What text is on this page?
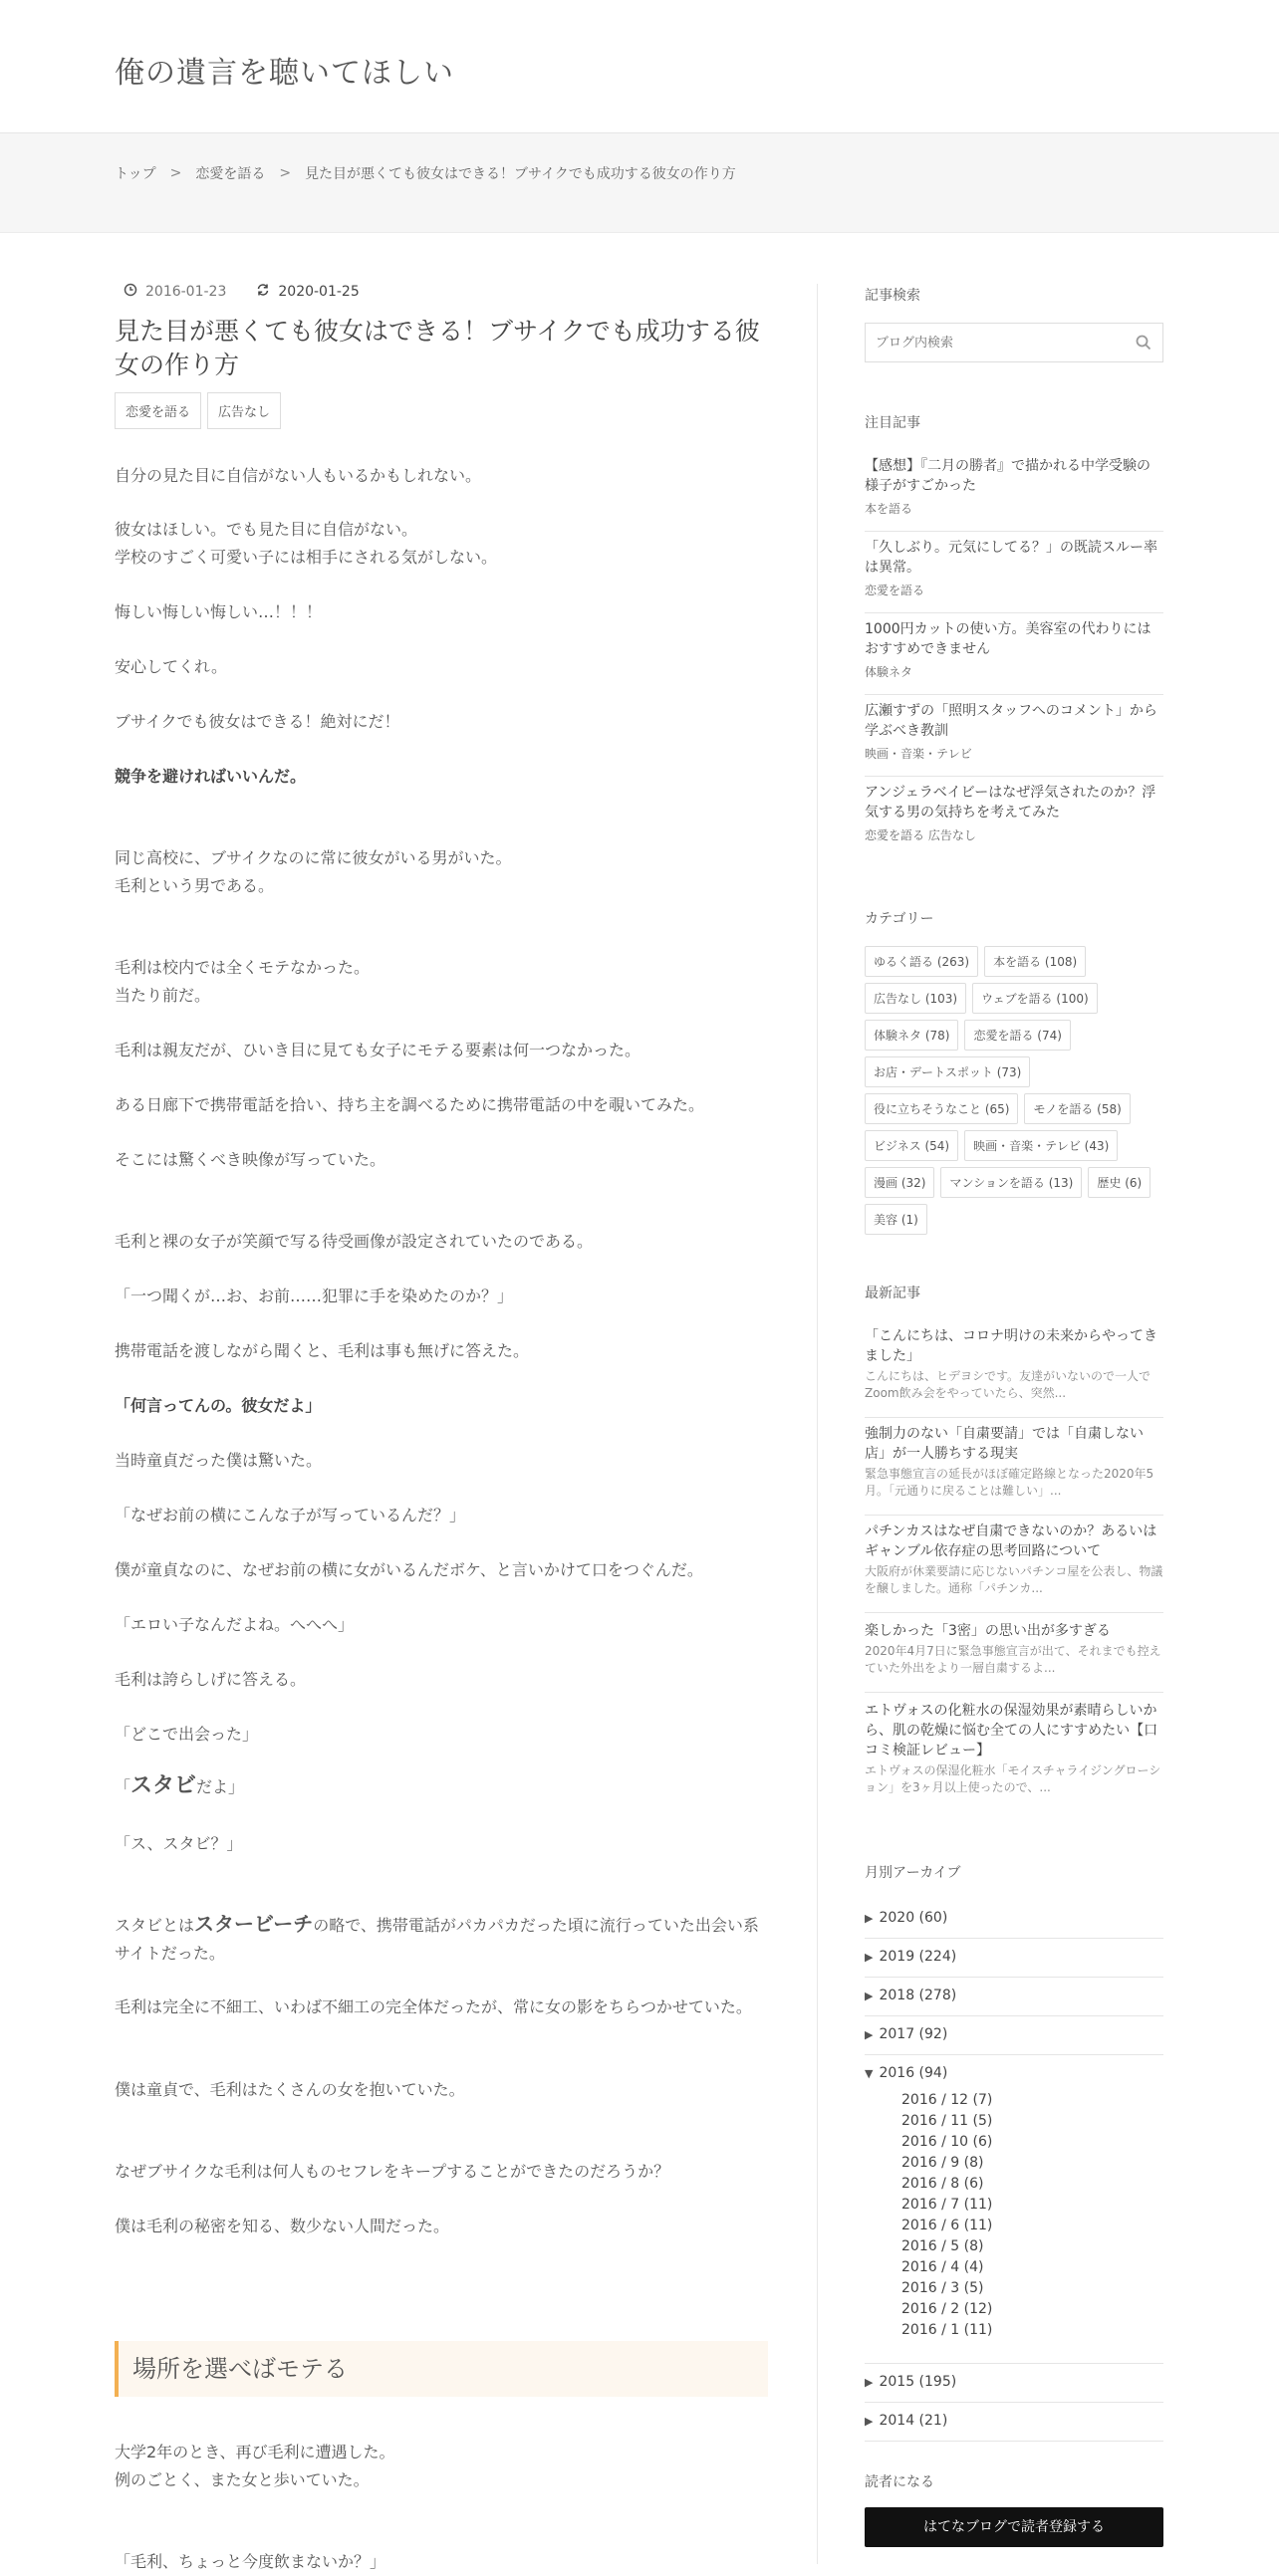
俺の遺言を聴いてほしい
トップ > 恋愛を語る > 見た目が悪くても彼女はできる！ブサイクでも成功する彼女の作り方
2016-01-23	2020-01-25
見た目が悪くても彼女はできる！ブサイクでも成功する彼女の作り方
恋愛を語る	広告なし
自分の見た目に自信がない人もいるかもしれない。
彼女はほしい。でも見た目に自信がない。
学校のすごく可愛い子には相手にされる気がしない。
悔しい悔しい悔しい…！！！
安心してくれ。
ブサイクでも彼女はできる！絶対にだ！
競争を避ければいいんだ。
同じ高校に、ブサイクなのに常に彼女がいる男がいた。
毛利という男である。
毛利は校内では全くモテなかった。
当たり前だ。
毛利は親友だが、ひいき目に見ても女子にモテる要素は何一つなかった。
ある日廊下で携帯電話を拾い、持ち主を調べるために携帯電話の中を覗いてみた。
そこには驚くべき映像が写っていた。
毛利と裸の女子が笑顔で写る待受画像が設定されていたのである。
「一つ聞くが…お、お前……犯罪に手を染めたのか？」
携帯電話を渡しながら聞くと、毛利は事も無げに答えた。
「何言ってんの。彼女だよ」
当時童貞だった僕は驚いた。
「なぜお前の横にこんな子が写っているんだ？」
僕が童貞なのに、なぜお前の横に女がいるんだボケ、と言いかけて口をつぐんだ。
「エロい子なんだよね。へへへ」
毛利は誇らしげに答える。
「どこで出会った」
「スタビだよ」
「ス、スタビ？」
スタビとはスタービーチの略で、携帯電話がパカパカだった頃に流行っていた出会い系サイトだった。
毛利は完全に不細工、いわば不細工の完全体だったが、常に女の影をちらつかせていた。
僕は童貞で、毛利はたくさんの女を抱いていた。
なぜブサイクな毛利は何人ものセフレをキープすることができたのだろうか？
僕は毛利の秘密を知る、数少ない人間だった。
場所を選べばモテる
大学2年のとき、再び毛利に遭遇した。
例のごとく、また女と歩いていた。
「毛利、ちょっと今度飲まないか？」
記事検索
ブログ内検索
注目記事
【感想】『二月の勝者』で描かれる中学受験の様子がすごかった
本を語る
「久しぶり。元気にしてる？」の既読スルー率は異常。
恋愛を語る
1000円カットの使い方。美容室の代わりにはおすすめできません
体験ネタ
広瀬すずの「照明スタッフへのコメント」から学ぶべき教訓
映画・音楽・テレビ
アンジェラベイビーはなぜ浮気されたのか？浮気する男の気持ちを考えてみた
恋愛を語る 広告なし
カテゴリー
ゆるく語る (263)	本を語る (108)
広告なし (103)	ウェブを語る (100)
体験ネタ (78)	恋愛を語る (74)
お店・デートスポット (73)
役に立ちそうなこと (65)	モノを語る (58)
ビジネス (54)	映画・音楽・テレビ (43)
漫画 (32)	マンションを語る (13)	歴史 (6)
美容 (1)
最新記事
「こんにちは、コロナ明けの未来からやってきました」
こんにちは、ヒデヨシです。友達がいないので一人でZoom飲み会をやっていたら、突然...
強制力のない「自粛要請」では「自粛しない店」が一人勝ちする現実
緊急事態宣言の延長がほぼ確定路線となった2020年5月。「元通りに戻ることは難しい」...
パチンカスはなぜ自粛できないのか？あるいはギャンブル依存症の思考回路について
大阪府が休業要請に応じないパチンコ屋を公表し、物議を醸しました。通称「パチンカ...
楽しかった「3密」の思い出が多すぎる
2020年4月7日に緊急事態宣言が出て、それまでも控えていた外出をより一層自粛するよ...
エトヴォスの化粧水の保湿効果が素晴らしいから、肌の乾燥に悩む全ての人にすすめたい【口コミ検証レビュー】
エトヴォスの保湿化粧水「モイスチャライジングローション」を3ヶ月以上使ったので、...
月別アーカイブ
▶ 2020 (60)
▶ 2019 (224)
▶ 2018 (278)
▶ 2017 (92)
▼ 2016 (94)
2016 / 12 (7)
2016 / 11 (5)
2016 / 10 (6)
2016 / 9 (8)
2016 / 8 (6)
2016 / 7 (11)
2016 / 6 (11)
2016 / 5 (8)
2016 / 4 (4)
2016 / 3 (5)
2016 / 2 (12)
2016 / 1 (11)
▶ 2015 (195)
▶ 2014 (21)
読者になる
はてなブログで読者登録する
